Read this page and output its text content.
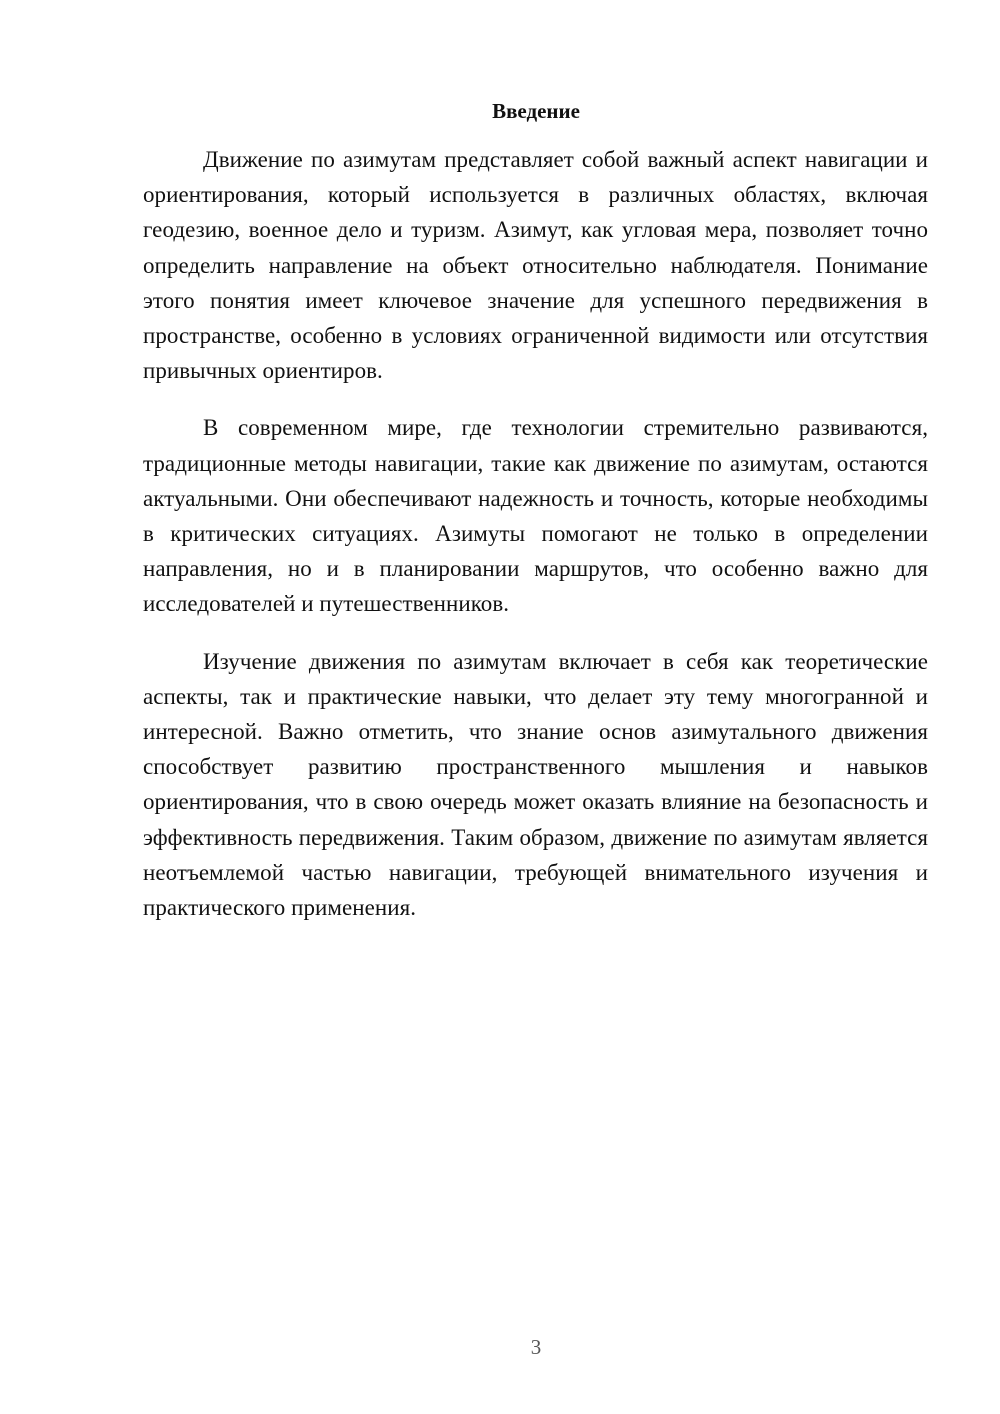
Введение

Движение по азимутам представляет собой важный аспект навигации и ориентирования, который используется в различных областях, включая геодезию, военное дело и туризм. Азимут, как угловая мера, позволяет точно определить направление на объект относительно наблюдателя. Понимание этого понятия имеет ключевое значение для успешного передвижения в пространстве, особенно в условиях ограниченной видимости или отсутствия привычных ориентиров.

В современном мире, где технологии стремительно развиваются, традиционные методы навигации, такие как движение по азимутам, остаются актуальными. Они обеспечивают надежность и точность, которые необходимы в критических ситуациях. Азимуты помогают не только в определении направления, но и в планировании маршрутов, что особенно важно для исследователей и путешественников.

Изучение движения по азимутам включает в себя как теоретические аспекты, так и практические навыки, что делает эту тему многогранной и интересной. Важно отметить, что знание основ азимутального движения способствует развитию пространственного мышления и навыков ориентирования, что в свою очередь может оказать влияние на безопасность и эффективность передвижения. Таким образом, движение по азимутам является неотъемлемой частью навигации, требующей внимательного изучения и практического применения.

3
